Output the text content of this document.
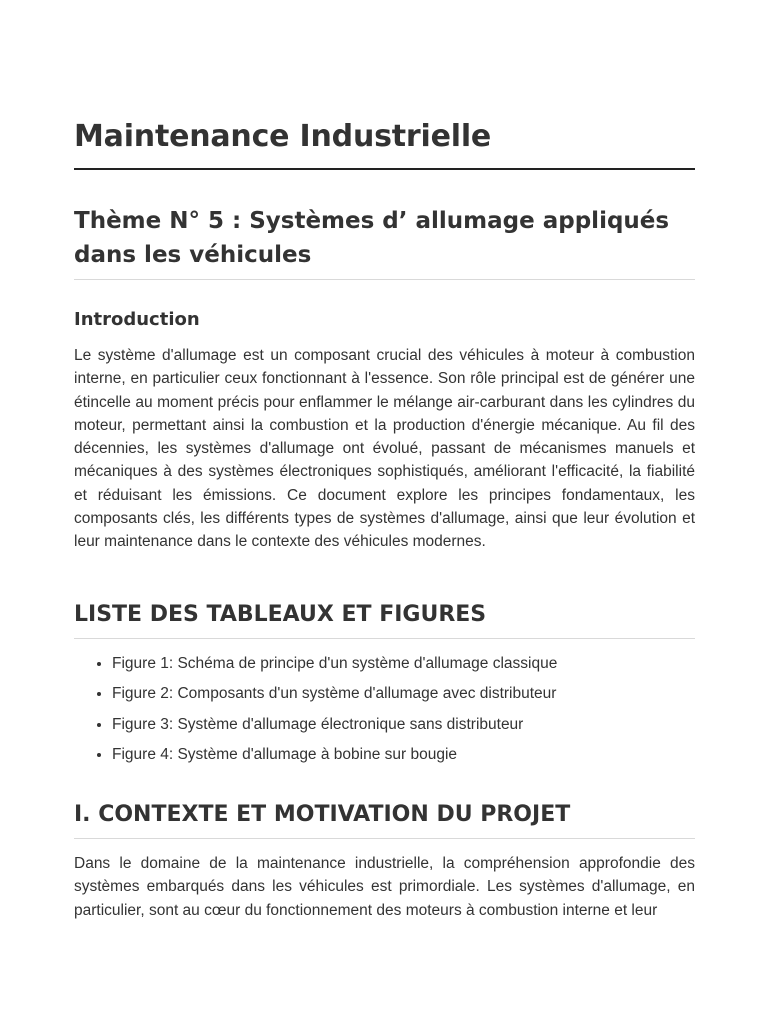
Maintenance Industrielle
Thème N° 5 : Systèmes d’ allumage appliqués dans les véhicules
Introduction

Le système d'allumage est un composant crucial des véhicules à moteur à combustion interne, en particulier ceux fonctionnant à l'essence. Son rôle principal est de générer une étincelle au moment précis pour enflammer le mélange air-carburant dans les cylindres du moteur, permettant ainsi la combustion et la production d'énergie mécanique. Au fil des décennies, les systèmes d'allumage ont évolué, passant de mécanismes manuels et mécaniques à des systèmes électroniques sophistiqués, améliorant l'efficacité, la fiabilité et réduisant les émissions. Ce document explore les principes fondamentaux, les composants clés, les différents types de systèmes d'allumage, ainsi que leur évolution et leur maintenance dans le contexte des véhicules modernes.

LISTE DES TABLEAUX ET FIGURES
• Figure 1: Schéma de principe d'un système d'allumage classique
• Figure 2: Composants d'un système d'allumage avec distributeur
• Figure 3: Système d'allumage électronique sans distributeur
• Figure 4: Système d'allumage à bobine sur bougie
I. CONTEXTE ET MOTIVATION DU PROJET

Dans le domaine de la maintenance industrielle, la compréhension approfondie des systèmes embarqués dans les véhicules est primordiale. Les systèmes d'allumage, en particulier, sont au cœur du fonctionnement des moteurs à combustion interne et leur
